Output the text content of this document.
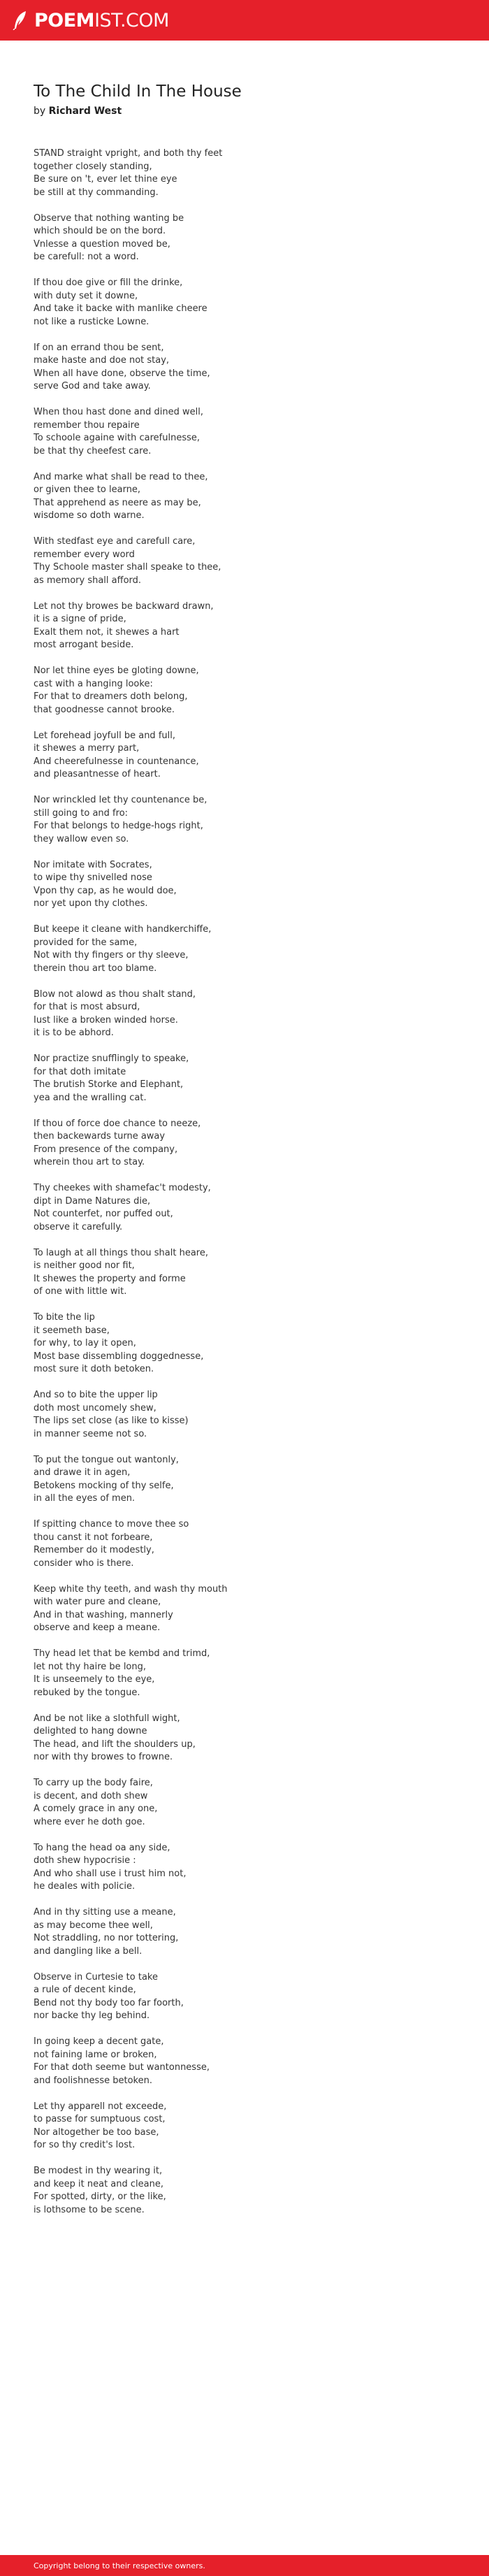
POEMIST.COM
To The Child In The House
by Richard West

STAND straight vpright, and both thy feet
together closely standing,
Be sure on 't, ever let thine eye
be still at thy commanding.

Observe that nothing wanting be
which should be on the bord.
Vnlesse a question moved be,
be carefull: not a word.

If thou doe give or fill the drinke,
with duty set it downe,
And take it backe with manlike cheere
not like a rusticke Lowne.

If on an errand thou be sent,
make haste and doe not stay,
When all have done, observe the time,
serve God and take away.

When thou hast done and dined well,
remember thou repaire
To schoole againe with carefulnesse,
be that thy cheefest care.

And marke what shall be read to thee,
or given thee to learne,
That apprehend as neere as may be,
wisdome so doth warne.

With stedfast eye and carefull care,
remember every word
Thy Schoole master shall speake to thee,
as memory shall afford.

Let not thy browes be backward drawn,
it is a signe of pride,
Exalt them not, it shewes a hart
most arrogant beside.

Nor let thine eyes be gloting downe,
cast with a hanging looke:
For that to dreamers doth belong,
that goodnesse cannot brooke.

Let forehead joyfull be and full,
it shewes a merry part,
And cheerefulnesse in countenance,
and pleasantnesse of heart.

Nor wrinckled let thy countenance be,
still going to and fro:
For that belongs to hedge-hogs right,
they wallow even so.

Nor imitate with Socrates,
to wipe thy snivelled nose
Vpon thy cap, as he would doe,
nor yet upon thy clothes.

But keepe it cleane with handkerchiffe,
provided for the same,
Not with thy fingers or thy sleeve,
therein thou art too blame.

Blow not alowd as thou shalt stand,
for that is most absurd,
Iust like a broken winded horse.
it is to be abhord.

Nor practize snufflingly to speake,
for that doth imitate
The brutish Storke and Elephant,
yea and the wralling cat.

If thou of force doe chance to neeze,
then backewards turne away
From presence of the company,
wherein thou art to stay.

Thy cheekes with shamefac't modesty,
dipt in Dame Natures die,
Not counterfet, nor puffed out,
observe it carefully.

To laugh at all things thou shalt heare,
is neither good nor fit,
It shewes the property and forme
of one with little wit.

To bite the lip
it seemeth base,
for why, to lay it open,
Most base dissembling doggednesse,
most sure it doth betoken.

And so to bite the upper lip
doth most uncomely shew,
The lips set close (as like to kisse)
in manner seeme not so.

To put the tongue out wantonly,
and drawe it in agen,
Betokens mocking of thy selfe,
in all the eyes of men.

If spitting chance to move thee so
thou canst it not forbeare,
Remember do it modestly,
consider who is there.

Keep white thy teeth, and wash thy mouth
with water pure and cleane,
And in that washing, mannerly
observe and keep a meane.

Thy head let that be kembd and trimd,
let not thy haire be long,
It is unseemely to the eye,
rebuked by the tongue.

And be not like a slothfull wight,
delighted to hang downe
The head, and lift the shoulders up,
nor with thy browes to frowne.

To carry up the body faire,
is decent, and doth shew
A comely grace in any one,
where ever he doth goe.

To hang the head oa any side,
doth shew hypocrisie :
And who shall use i trust him not,
he deales with policie.

And in thy sitting use a meane,
as may become thee well,
Not straddling, no nor tottering,
and dangling like a bell.

Observe in Curtesie to take
a rule of decent kinde,
Bend not thy body too far foorth,
nor backe thy leg behind.

In going keep a decent gate,
not faining lame or broken,
For that doth seeme but wantonnesse,
and foolishnesse betoken.

Let thy apparell not exceede,
to passe for sumptuous cost,
Nor altogether be too base,
for so thy credit's lost.

Be modest in thy wearing it,
and keep it neat and cleane,
For spotted, dirty, or the like,
is lothsome to be scene.

Copyright belong to their respective owners.
